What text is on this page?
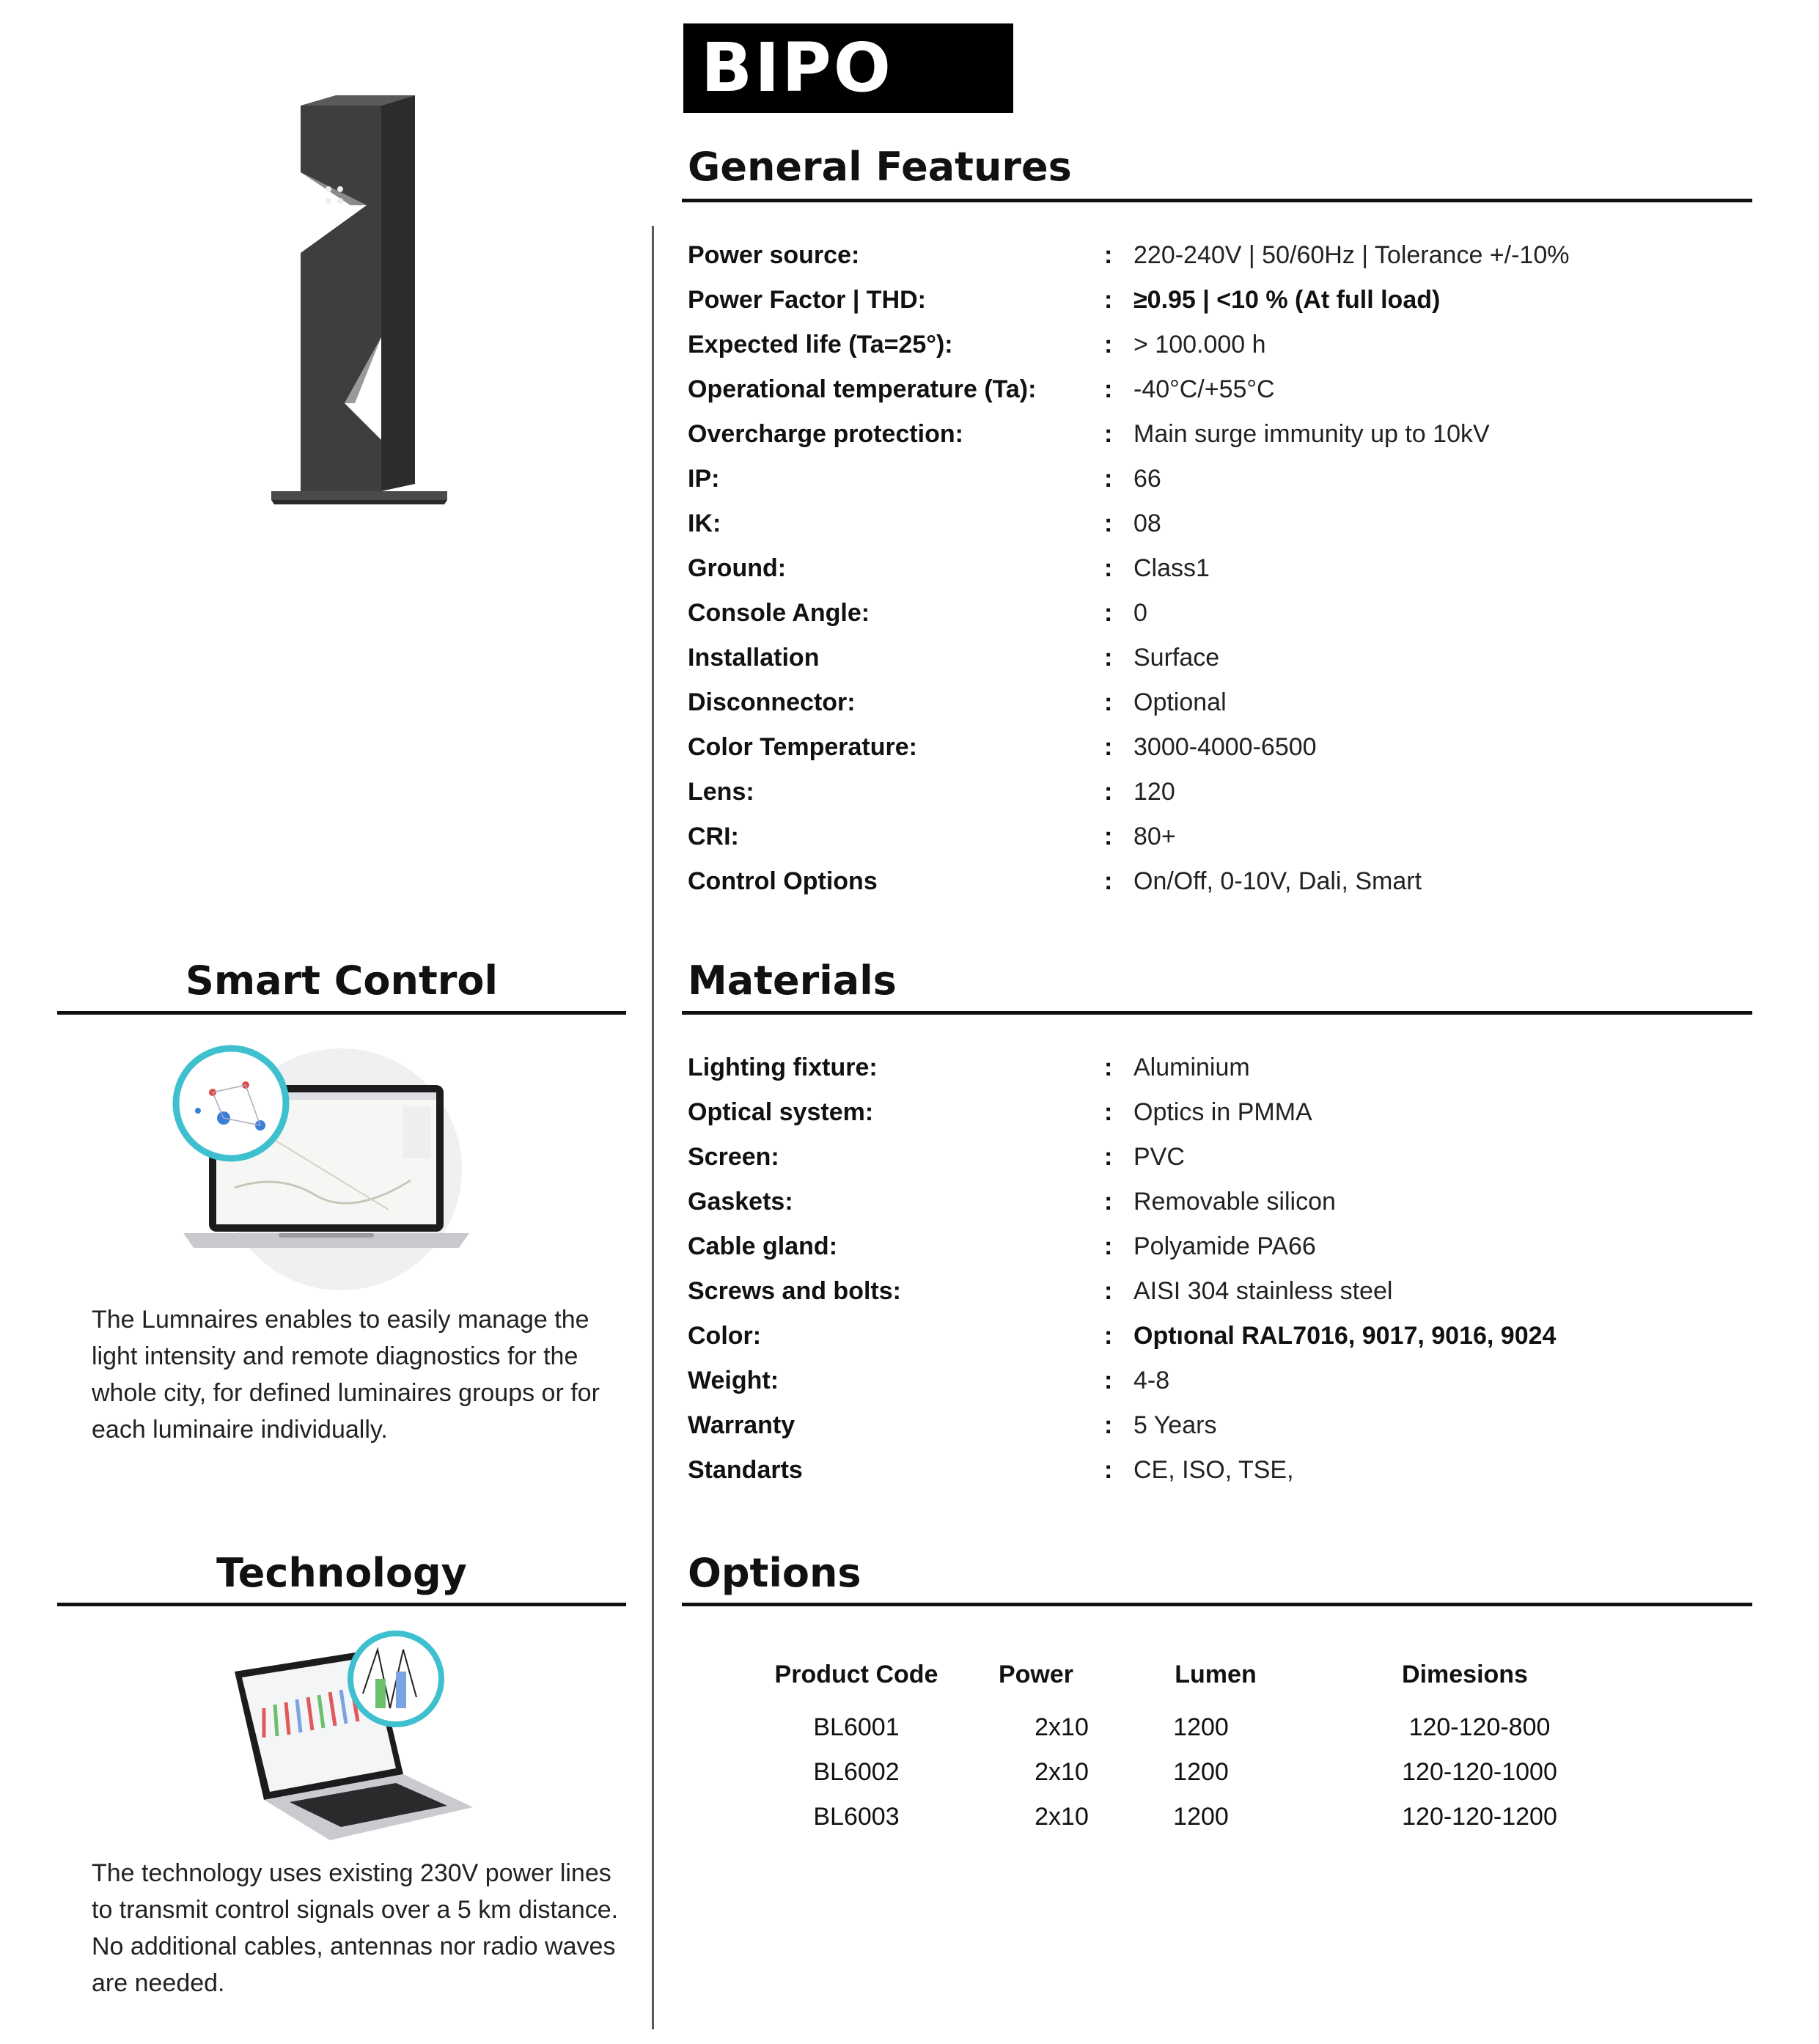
BIPO
General Features
Power source:	: 220-240V | 50/60Hz | Tolerance +/-10%
Power Factor | THD:	: ≥0.95 | <10 % (At full load)
Expected life (Ta=25°):	: > 100.000 h
Operational temperature (Ta):	: -40°C/+55°C
Overcharge protection:	: Main surge immunity up to 10kV
IP:	: 66
IK:	: 08
Ground:	: Class1
Console Angle:	: 0
Installation	: Surface
Disconnector:	: Optional
Color Temperature:	: 3000-4000-6500
Lens:	: 120
CRI:	: 80+
Control Options	: On/Off, 0-10V, Dali, Smart
Materials
Lighting fixture:	: Aluminium
Optical system:	: Optics in PMMA
Screen:	: PVC
Gaskets:	: Removable silicon
Cable gland:	: Polyamide PA66
Screws and bolts:	: AISI 304 stainless steel
Color:	: Optıonal RAL7016, 9017, 9016, 9024
Weight:	: 4-8
Warranty	: 5 Years
Standarts	: CE, ISO, TSE,
Options
Product Code	Power	Lumen	Dimesions
BL6001	2x10	1200	120-120-800
BL6002	2x10	1200	120-120-1000
BL6003	2x10	1200	120-120-1200
Smart Control
The Lumnaires enables to easily manage the light intensity and remote diagnostics for the whole city, for defined luminaires groups or for each luminaire individually.
Technology
The technology uses existing 230V power lines to transmit control signals over a 5 km distance. No additional cables, antennas nor radio waves are needed.
